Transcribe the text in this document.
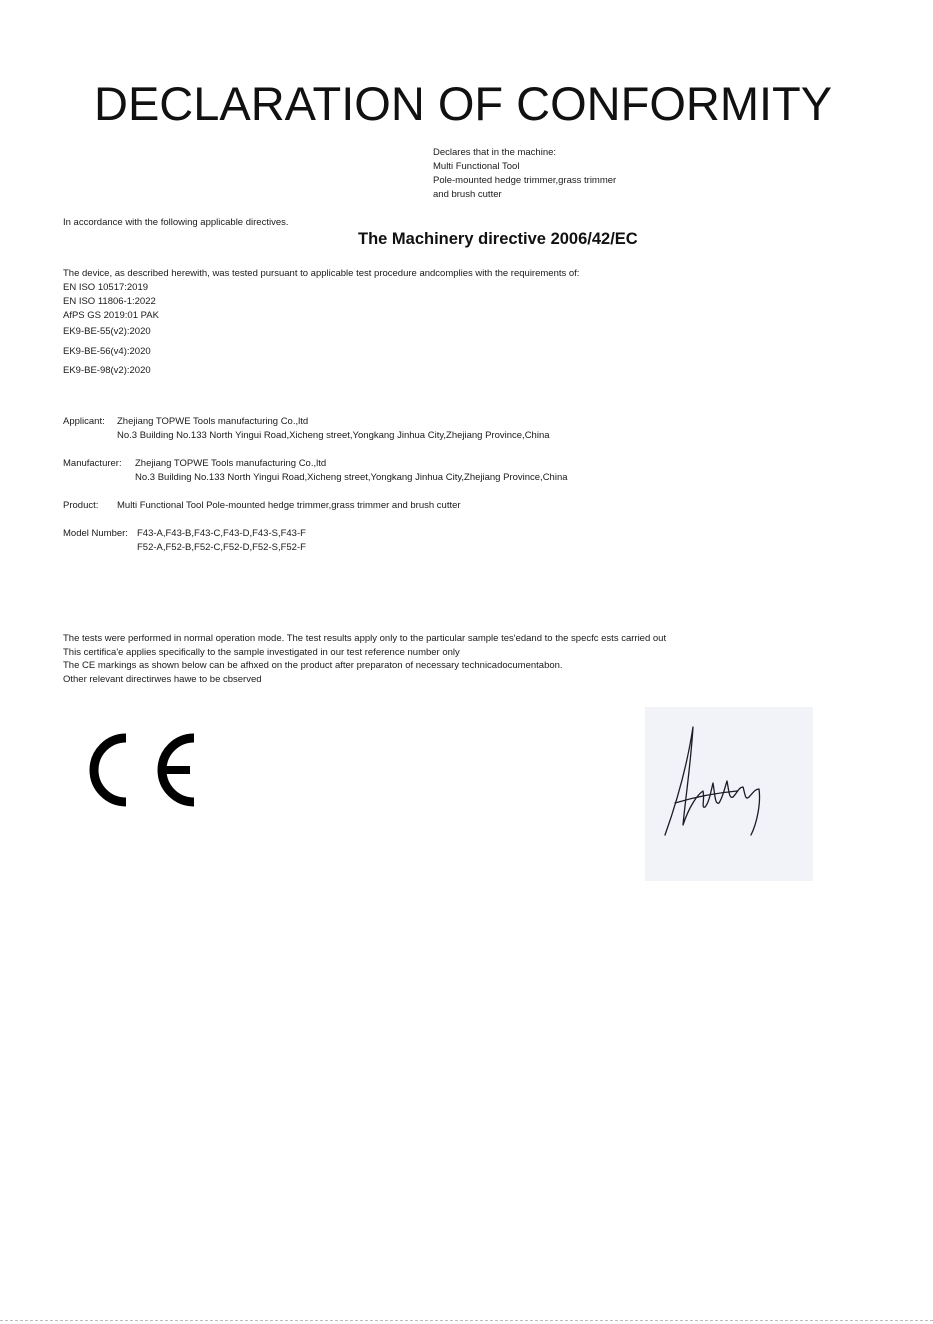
DECLARATION OF CONFORMITY
Declares that in the machine:
Multi Functional Tool
Pole-mounted hedge trimmer,grass trimmer
and brush cutter
In accordance with the following applicable directives.
The Machinery directive 2006/42/EC
The device, as described herewith, was tested pursuant to applicable test procedure andcomplies with the requirements of:
EN ISO 10517:2019
EN ISO 11806-1:2022
AfPS GS 2019:01 PAK
EK9-BE-55(v2):2020
EK9-BE-56(v4):2020
EK9-BE-98(v2):2020
Applicant: Zhejiang TOPWE Tools manufacturing Co.,ltd
No.3 Building No.133 North Yingui Road,Xicheng street,Yongkang Jinhua City,Zhejiang Province,China
Manufacturer: Zhejiang TOPWE Tools manufacturing Co.,ltd
No.3 Building No.133 North Yingui Road,Xicheng street,Yongkang Jinhua City,Zhejiang Province,China
Product: Multi Functional Tool Pole-mounted hedge trimmer,grass trimmer and brush cutter
Model Number: F43-A,F43-B,F43-C,F43-D,F43-S,F43-F
F52-A,F52-B,F52-C,F52-D,F52-S,F52-F
The tests were performed in normal operation mode. The test results apply only to the particular sample tes'edand to the specfc ests carried out
This certifica'e applies specifically to the sample investigated in our test reference number only
The CE markings as shown below can be afhxed on the product after preparaton of necessary technicadocumentabon.
Other relevant directirwes hawe to be cbserved
